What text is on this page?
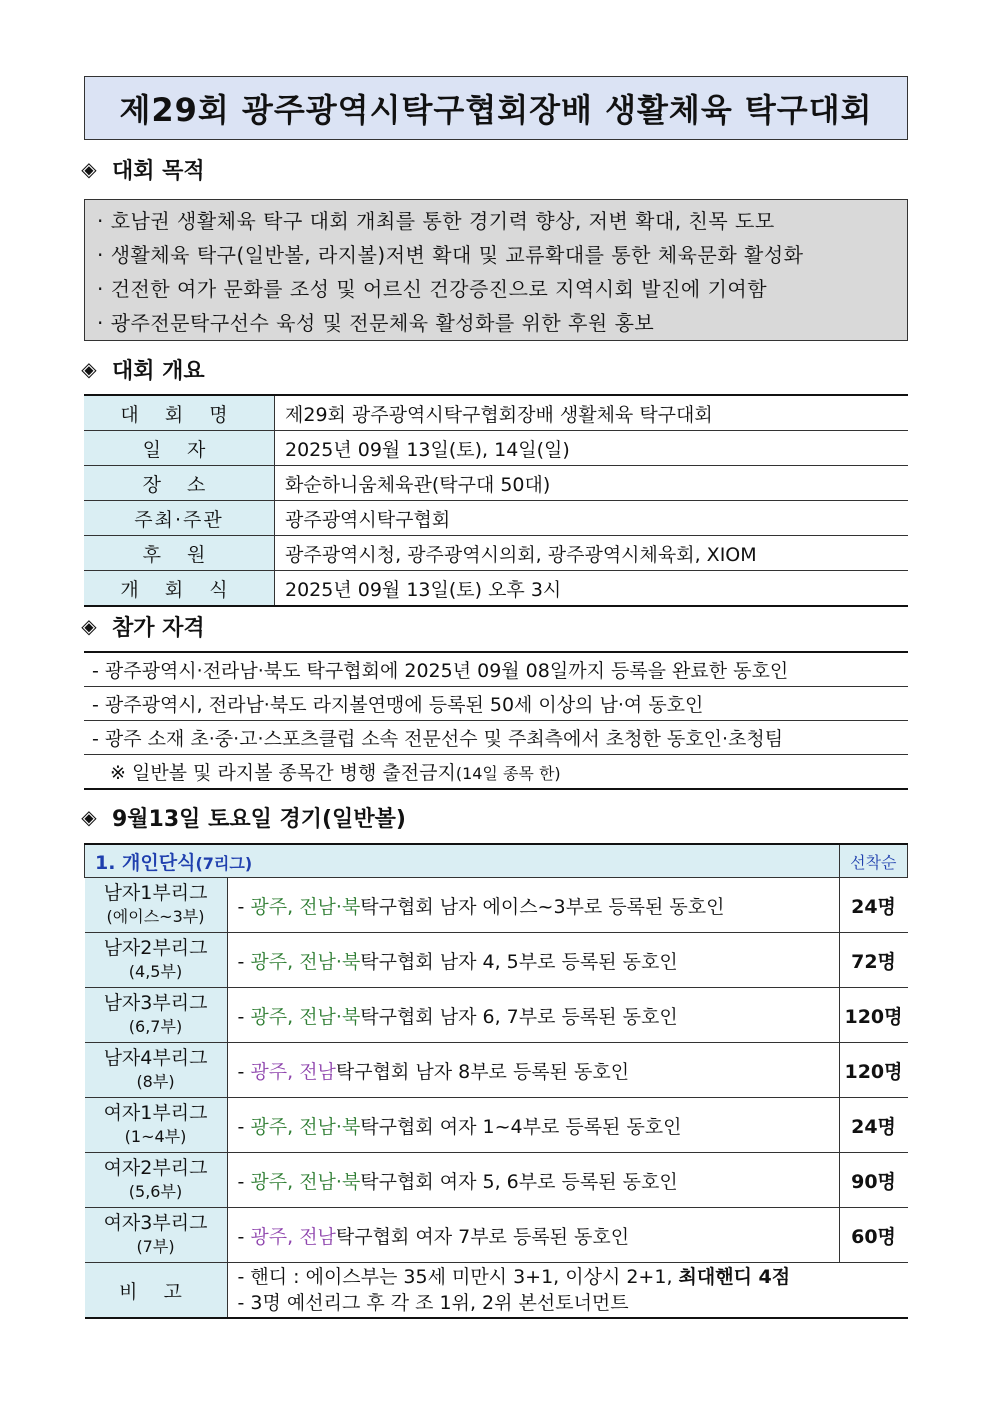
제29회 광주광역시탁구협회장배 생활체육 탁구대회
◈ 대회 목적
· 호남권 생활체육 탁구 대회 개최를 통한 경기력 향상, 저변 확대, 친목 도모
· 생활체육 탁구(일반볼, 라지볼)저변 확대 및 교류확대를 통한 체육문화 활성화
· 건전한 여가 문화를 조성 및 어르신 건강증진으로 지역시회 발진에 기여함
· 광주전문탁구선수 육성 및 전문체육 활성화를 위한 후원 홍보
◈ 대회 개요
대 회 명	제29회 광주광역시탁구협회장배 생활체육 탁구대회
일 자	2025년 09월 13일(토), 14일(일)
장 소	화순하니움체육관(탁구대 50대)
주최·주관	광주광역시탁구협회
후 원	광주광역시청, 광주광역시의회, 광주광역시체육회, XIOM
개 회 식	2025년 09월 13일(토) 오후 3시
◈ 참가 자격
- 광주광역시·전라남·북도 탁구협회에 2025년 09월 08일까지 등록을 완료한 동호인
- 광주광역시, 전라남·북도 라지볼연맹에 등록된 50세 이상의 남·여 동호인
- 광주 소재 초·중·고·스포츠클럽 소속 전문선수 및 주최측에서 초청한 동호인·초청팀
※ 일반볼 및 라지볼 종목간 병행 출전금지(14일 종목 한)
◈ 9월13일 토요일 경기(일반볼)
1. 개인단식(7리그)		선착순

남자1부리그
(에이스~3부)	- 광주, 전남·북탁구협회 남자 에이스~3부로 등록된 동호인	24명

남자2부리그
(4,5부)	- 광주, 전남·북탁구협회 남자 4, 5부로 등록된 동호인	72명

남자3부리그
(6,7부)	- 광주, 전남·북탁구협회 남자 6, 7부로 등록된 동호인	120명

남자4부리그
(8부)	- 광주, 전남탁구협회 남자 8부로 등록된 동호인	120명

여자1부리그
(1~4부)	- 광주, 전남·북탁구협회 여자 1~4부로 등록된 동호인	24명

여자2부리그
(5,6부)	- 광주, 전남·북탁구협회 여자 5, 6부로 등록된 동호인	90명

여자3부리그
(7부)	- 광주, 전남탁구협회 여자 7부로 등록된 동호인	60명
비 고	- 핸디 : 에이스부는 35세 미만시 3+1, 이상시 2+1, 최대핸디 4점
- 3명 예선리그 후 각 조 1위, 2위 본선토너먼트	
